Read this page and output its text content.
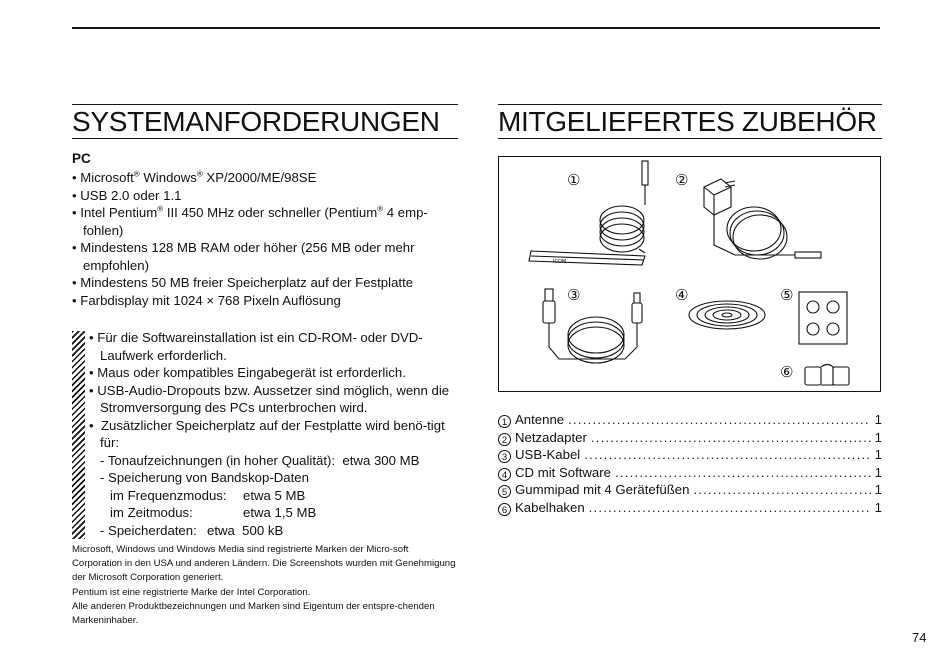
SYSTEMANFORDERUNGEN
PC
• Microsoft® Windows® XP/2000/ME/98SE
• USB 2.0 oder 1.1
• Intel Pentium® III 450 MHz oder schneller (Pentium® 4 emp-fohlen)
• Mindestens 128 MB RAM oder höher (256 MB oder mehr empfohlen)
• Mindestens 50 MB freier Speicherplatz auf der Festplatte
• Farbdisplay mit 1024 × 768 Pixeln Auflösung
• Für die Softwareinstallation ist ein CD-ROM- oder DVD-Laufwerk erforderlich.
• Maus oder kompatibles Eingabegerät ist erforderlich.
• USB-Audio-Dropouts bzw. Aussetzer sind möglich, wenn die Stromversorgung des PCs unterbrochen wird.
• Zusätzlicher Speicherplatz auf der Festplatte wird benö-tigt für:
- Tonaufzeichnungen (in hoher Qualität): etwa 300 MB
- Speicherung von Bandskop-Daten
im Frequenzmodus: etwa 5 MB
im Zeitmodus:	etwa 1,5 MB
- Speicherdaten: etwa  500 kB

Microsoft, Windows und Windows Media sind registrierte Marken der Micro-soft Corporation in den USA und anderen Ländern. Die Screenshots wurden mit Genehmigung der Microsoft Corporation generiert.

Pentium ist eine registrierte Marke der Intel Corporation.

Alle anderen Produktbezeichnungen und Marken sind Eigentum der entspre-chenden Markeninhaber.

MITGELIEFERTES ZUBEHÖR
①	②
③	④	⑤
⑥
ICOM
1 Antenne .....	1
2 Netzadapter .....	1
3 USB-Kabel .....	1
4 CD mit Software .....	1
5 Gummipad mit 4 Gerätefüßen .....	1
6 Kabelhaken .....	1
74
